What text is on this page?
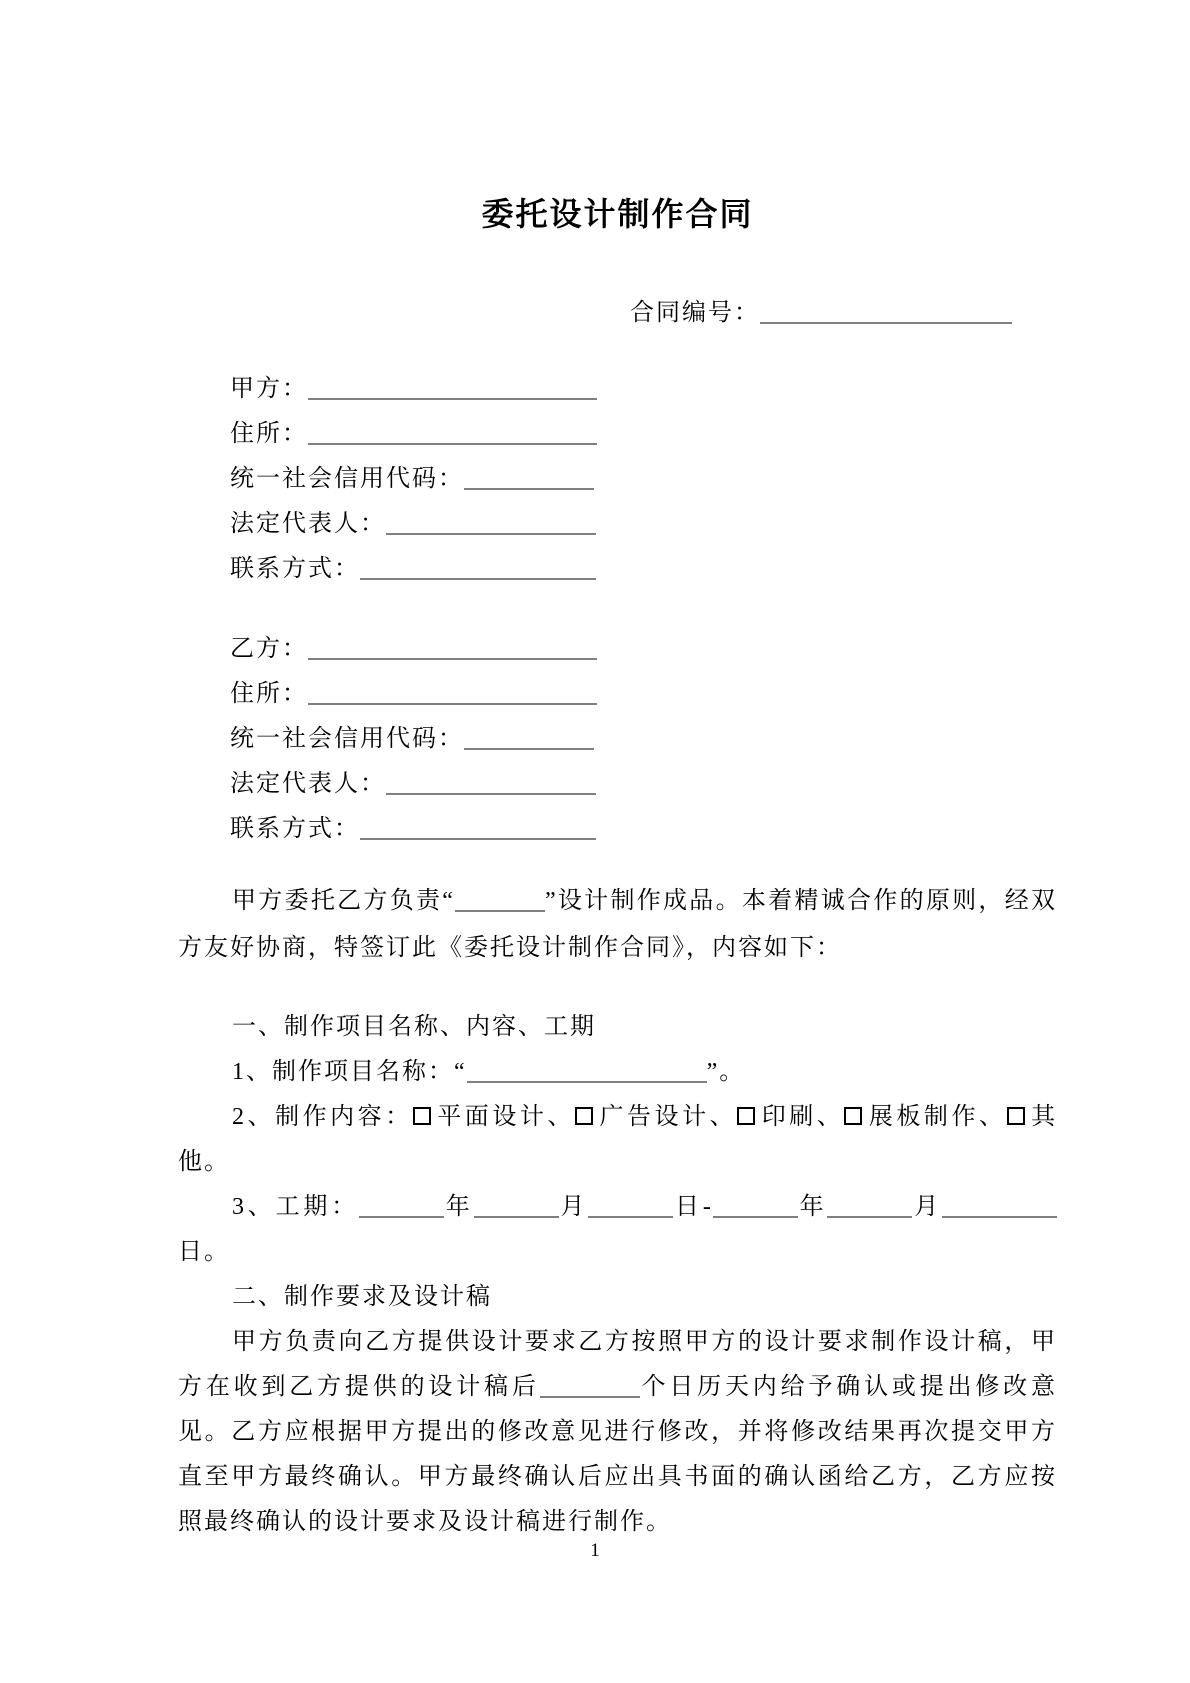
委托设计制作合同
合同编号：
甲方：
住所：
统一社会信用代码：
法定代表人：
联系方式：
乙方：
住所：
统一社会信用代码：
法定代表人：
联系方式：
甲方委托乙方负责“	”设计制作成品。本着精诚合作的原则，经双方友好协商，特签订此《委托设计制作合同》，内容如下：
一、制作项目名称、内容、工期
1、制作项目名称：“	”。
2、制作内容： 平面设计、 广告设计、 印刷、 展板制作、 其他。
3、工期：	年	月	日-	年	月日。
二、制作要求及设计稿
甲方负责向乙方提供设计要求乙方按照甲方的设计要求制作设计稿，甲方在收到乙方提供的设计稿后	个日历天内给予确认或提出修改意见。乙方应根据甲方提出的修改意见进行修改，并将修改结果再次提交甲方直至甲方最终确认。甲方最终确认后应出具书面的确认函给乙方，乙方应按照最终确认的设计要求及设计稿进行制作。
1
